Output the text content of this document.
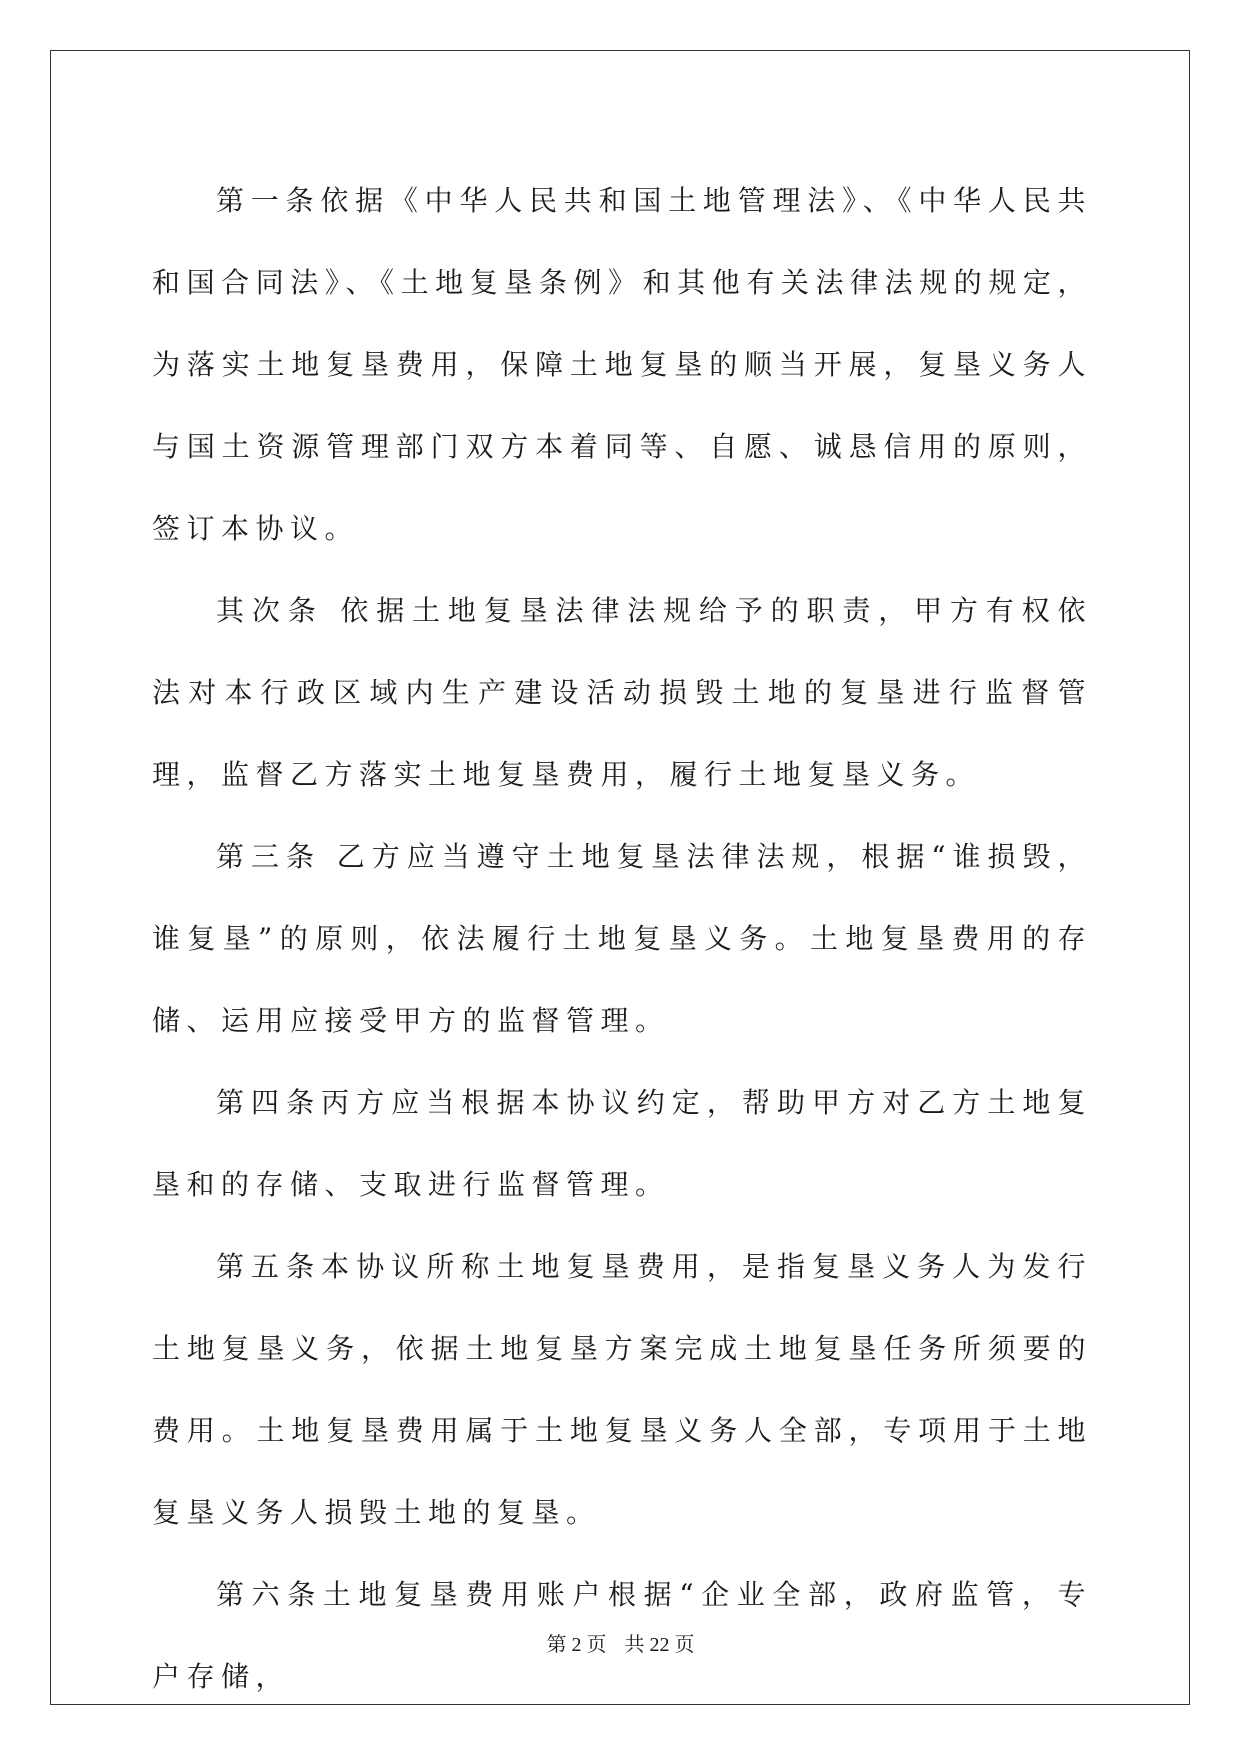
第一条依据《中华人民共和国土地管理法》、《中华人民共和国合同法》、《土地复垦条例》和其他有关法律法规的规定，为落实土地复垦费用，保障土地复垦的顺当开展，复垦义务人与国土资源管理部门双方本着同等、自愿、诚恳信用的原则，签订本协议。

其次条 依据土地复垦法律法规给予的职责，甲方有权依法对本行政区域内生产建设活动损毁土地的复垦进行监督管理，监督乙方落实土地复垦费用，履行土地复垦义务。

第三条 乙方应当遵守土地复垦法律法规，根据“谁损毁，谁复垦”的原则，依法履行土地复垦义务。土地复垦费用的存储、运用应接受甲方的监督管理。

第四条丙方应当根据本协议约定，帮助甲方对乙方土地复垦和的存储、支取进行监督管理。

第五条本协议所称土地复垦费用，是指复垦义务人为发行土地复垦义务，依据土地复垦方案完成土地复垦任务所须要的费用。土地复垦费用属于土地复垦义务人全部，专项用于土地复垦义务人损毁土地的复垦。

第六条土地复垦费用账户根据“企业全部，政府监管，专户存储，

第 2 页 共 22 页
